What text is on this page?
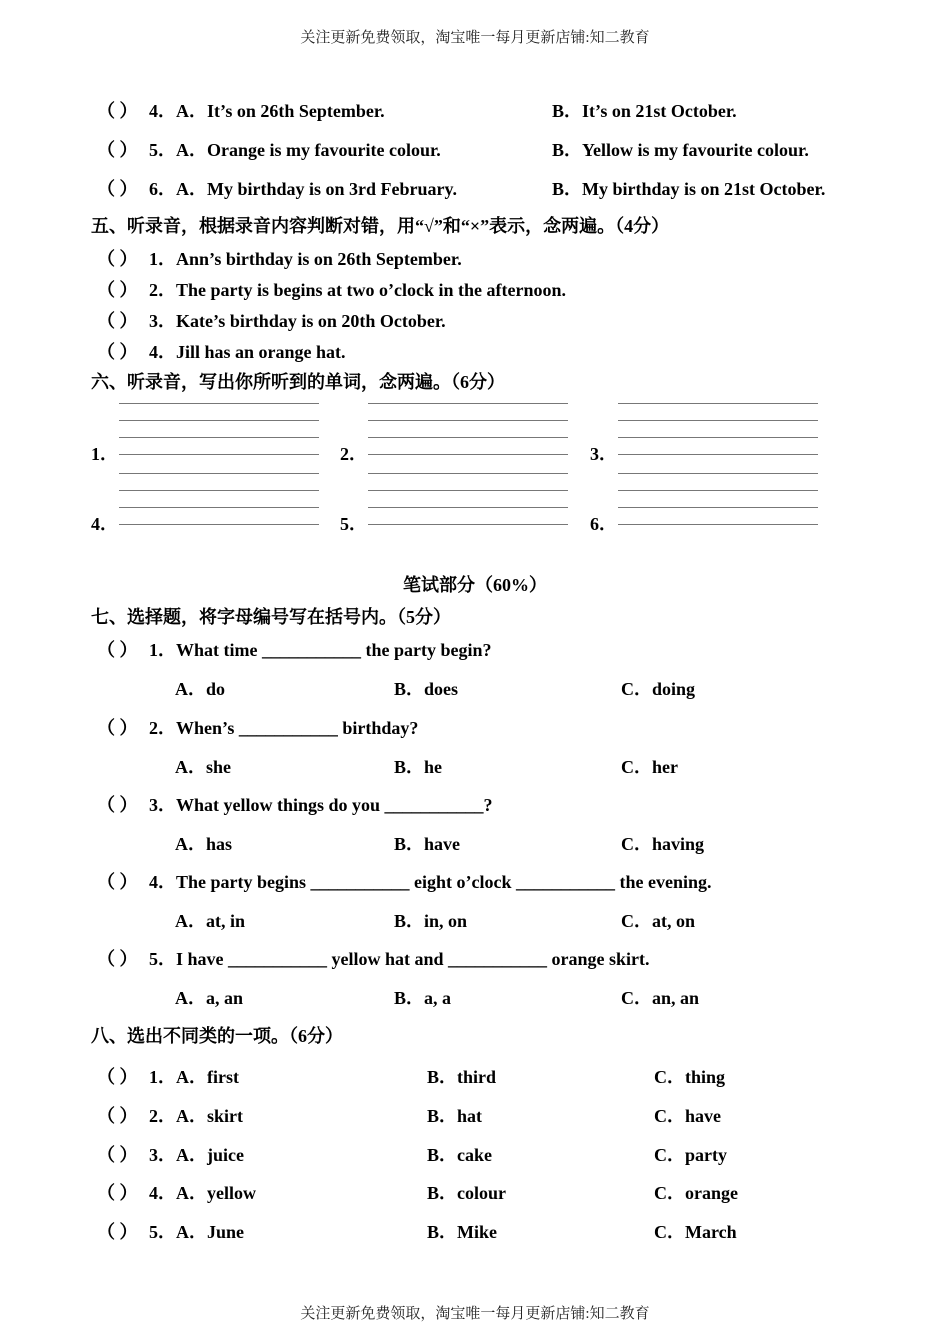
关注更新免费领取，淘宝唯一每月更新店铺:知二教育
（ ） 4．A．It’s on 26th September.	B．It’s on 21st October.
（ ） 5．A．Orange is my favourite colour.	B．Yellow is my favourite colour.
（ ） 6．A．My birthday is on 3rd February.	B．My birthday is on 21st October.
五、听录音，根据录音内容判断对错，用“√”和“×”表示，念两遍。（4分）
（ ） 1．Ann’s birthday is on 26th September.
（ ） 2．The party is begins at two o’clock in the afternoon.
（ ） 3．Kate’s birthday is on 20th October.
（ ） 4．Jill has an orange hat.
六、听录音，写出你所听到的单词，念两遍。（6分）
1．	2．	3．
4．	5．	6．
笔试部分（60%）
七、选择题，将字母编号写在括号内。（5分）
（ ） 1．What time ___________ the party begin?
A．do	B．does	C．doing
（ ） 2．When’s ___________ birthday?
A．she	B．he	C．her
（ ） 3．What yellow things do you ___________?
A．has	B．have	C．having
（ ） 4．The party begins ___________ eight o’clock ___________ the evening.
A．at, in	B．in, on	C．at, on
（ ） 5．I have ___________ yellow hat and ___________ orange skirt.
A．a, an	B．a, a	C．an, an
八、选出不同类的一项。（6分）
（ ） 1．A．first	B．third	C．thing
（ ） 2．A．skirt	B．hat	C．have
（ ） 3．A．juice	B．cake	C．party
（ ） 4．A．yellow	B．colour	C．orange
（ ） 5．A．June	B．Mike	C．March
关注更新免费领取，淘宝唯一每月更新店铺:知二教育
